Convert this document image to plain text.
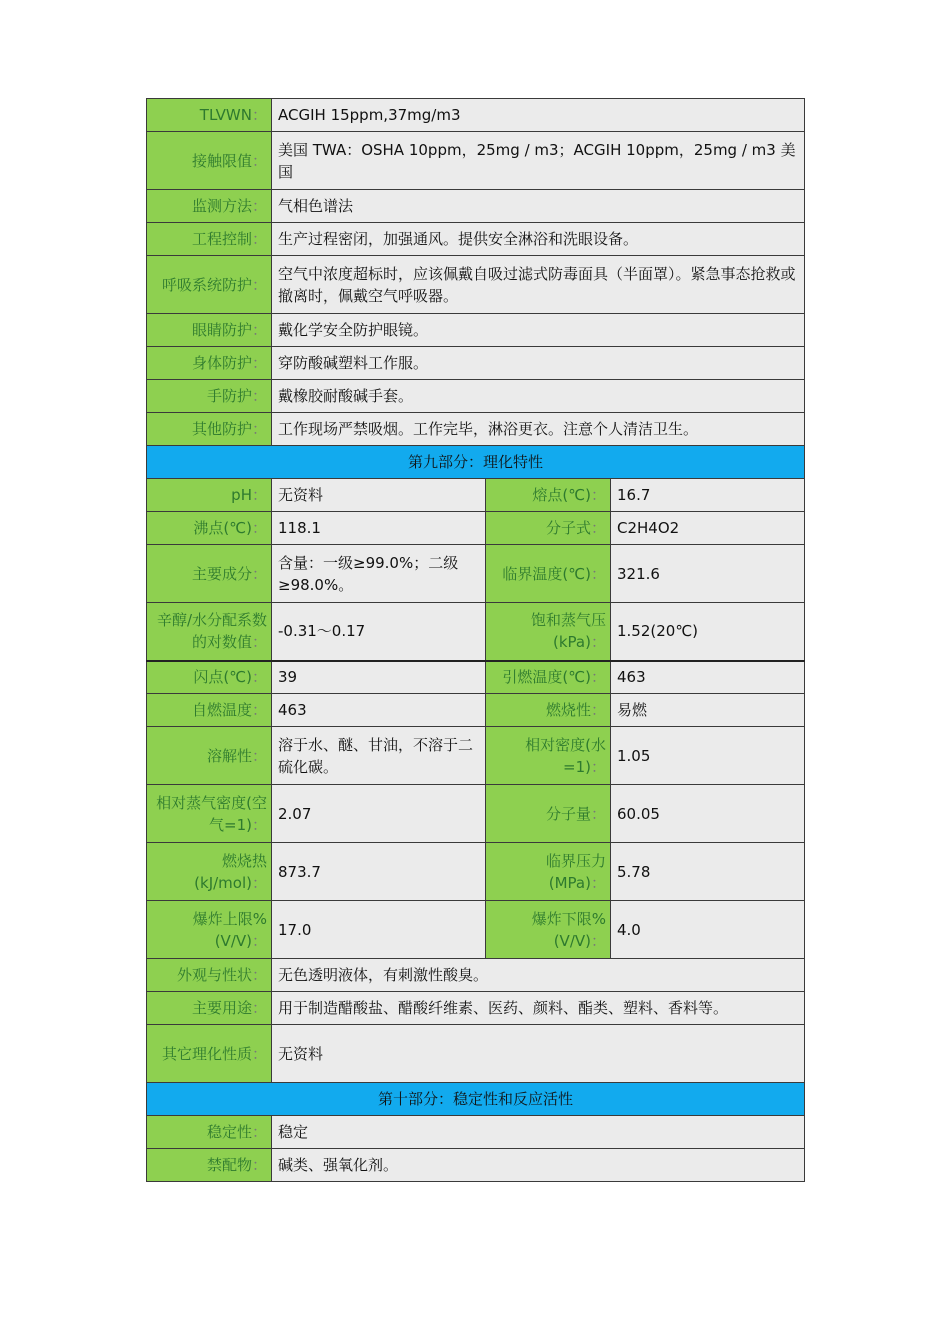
TLVWN：	ACGIH 15ppm,37mg/m3		
接触限值：	美国 TWA：OSHA 10ppm，25mg / m3；ACGIH 10ppm，25mg / m3 美国		
监测方法：	气相色谱法		
工程控制：	生产过程密闭，加强通风。提供安全淋浴和洗眼设备。		
呼吸系统防护：	空气中浓度超标时，应该佩戴自吸过滤式防毒面具（半面罩）。紧急事态抢救或撤离时，佩戴空气呼吸器。		
眼睛防护：	戴化学安全防护眼镜。		
身体防护：	穿防酸碱塑料工作服。		
手防护：	戴橡胶耐酸碱手套。		
其他防护：	工作现场严禁吸烟。工作完毕，淋浴更衣。注意个人清洁卫生。		
第九部分：理化特性			
pH：	无资料	熔点(℃)：	16.7
沸点(℃)：	118.1	分子式：	C2H4O2
主要成分：	含量：一级≥99.0%；二级≥98.0%。	临界温度(℃)：	321.6
辛醇/水分配系数的对数值：	-0.31～0.17	饱和蒸气压(kPa)：	1.52(20℃)
闪点(℃)：	39	引燃温度(℃)：	463
自燃温度：	463	燃烧性：	易燃
溶解性：	溶于水、醚、甘油，不溶于二硫化碳。	相对密度(水=1)：	1.05
相对蒸气密度(空气=1)：	2.07	分子量：	60.05
燃烧热(kJ/mol)：	873.7	临界压力(MPa)：	5.78
爆炸上限%(V/V)：	17.0	爆炸下限%(V/V)：	4.0
外观与性状：	无色透明液体，有刺激性酸臭。		
主要用途：	用于制造醋酸盐、醋酸纤维素、医药、颜料、酯类、塑料、香料等。		
其它理化性质：	无资料		
第十部分：稳定性和反应活性			
稳定性：	稳定		
禁配物：	碱类、强氧化剂。		
